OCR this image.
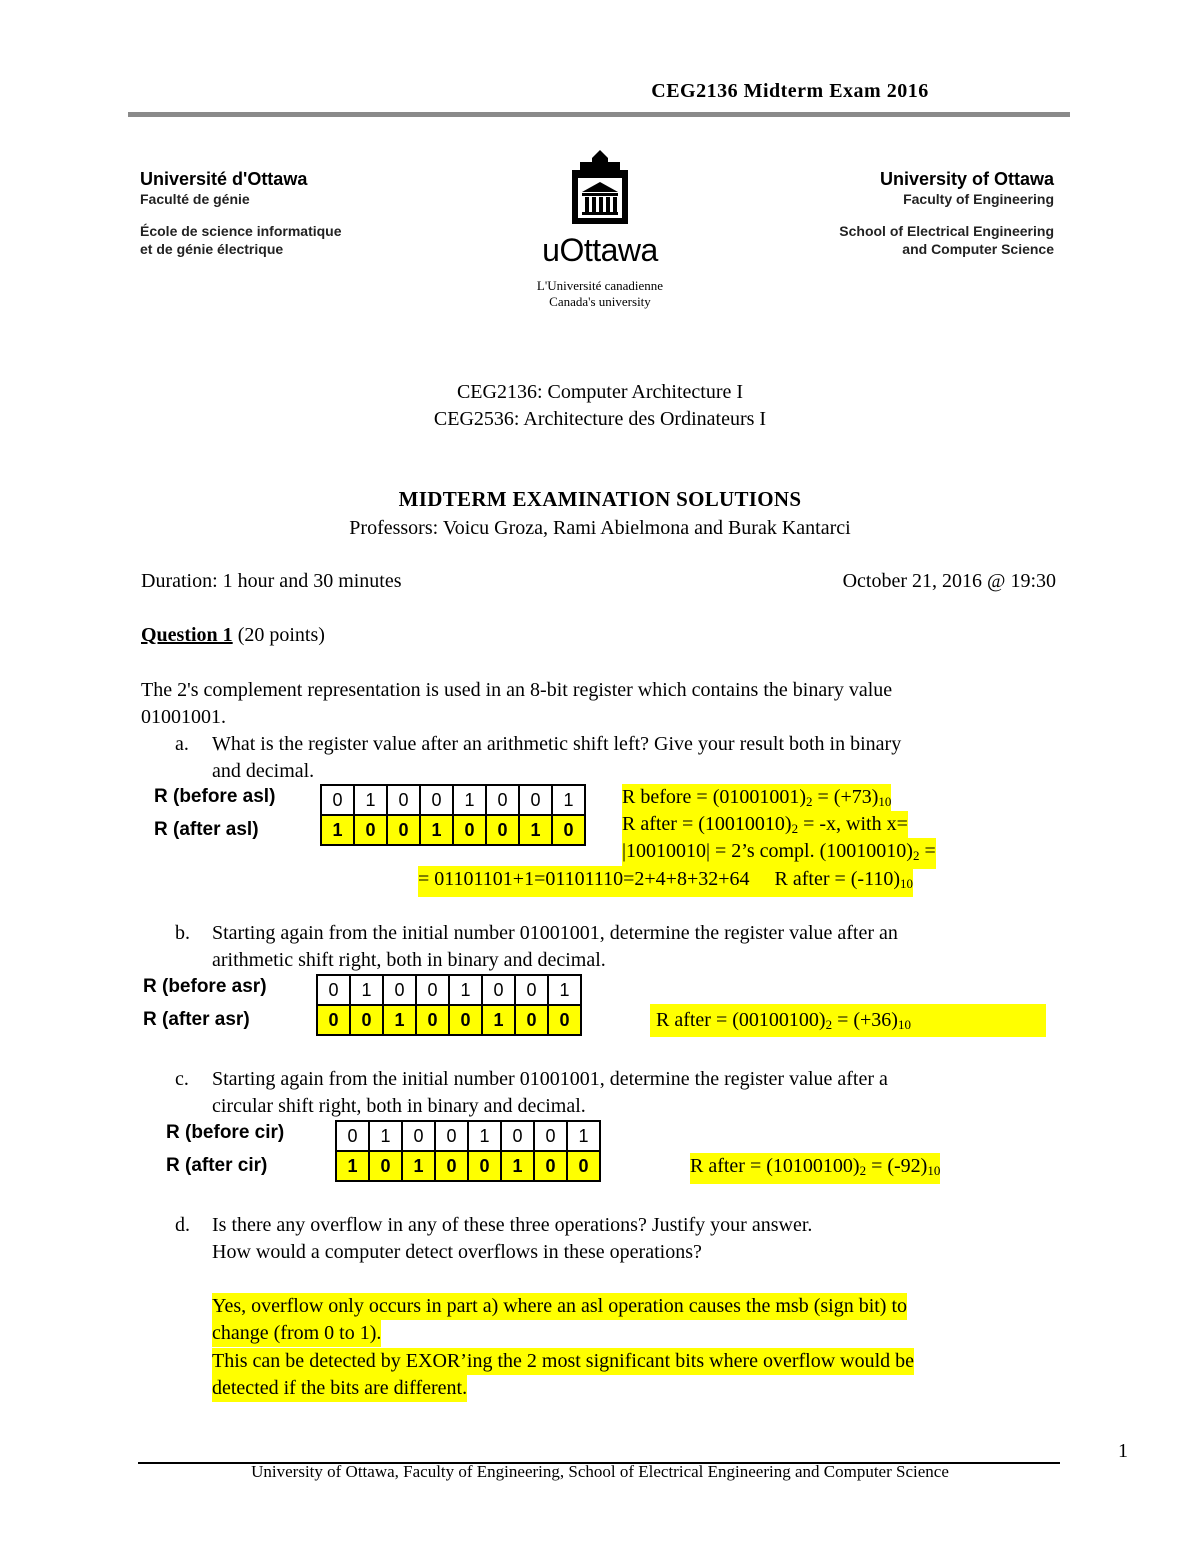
CEG2136 Midterm Exam 2016
Université d'Ottawa
Faculté de génie
École de science informatique
et de génie électrique	uOttawa
L'Université canadienne
Canada's university
University of Ottawa
Faculty of Engineering
School of Electrical Engineering
and Computer Science
CEG2136: Computer Architecture I
CEG2536: Architecture des Ordinateurs I
MIDTERM EXAMINATION SOLUTIONS
Professors: Voicu Groza, Rami Abielmona and Burak Kantarci
Duration: 1 hour and 30 minutes	October 21, 2016 @ 19:30
Question 1 (20 points)
The 2's complement representation is used in an 8-bit register which contains the binary value
01001001.
a. What is the register value after an arithmetic shift left? Give your result both in binary
and decimal.
R (before asl)
R (after asl)
0	1	0	0	1	0	0	1
1	0	0	1	0	0	1	0
R before = $(01001001)_2 = (+73)_{10}$
R after = $(10010010)_2 = -x$, with x=
|10010010| = 2’s compl. $(10010010)_2$ =
= 01101101+1=01101110=2+4+8+32+64     R after = $(-110)_{10}$
b. Starting again from the initial number 01001001, determine the register value after an
arithmetic shift right, both in binary and decimal.
R (before asr)
R (after asr)
0	1	0	0	1	0	0	1
0	0	1	0	0	1	0	0	R after = $(00100100)_2 = (+36)_{10}$
c. Starting again from the initial number 01001001, determine the register value after a
circular shift right, both in binary and decimal.
R (before cir)
R (after cir)
0	1	0	0	1	0	0	1
1	0	1	0	0	1	0	0	R after = $(10100100)_2 = (-92)_{10}$
d. Is there any overflow in any of these three operations? Justify your answer.
How would a computer detect overflows in these operations?
Yes, overflow only occurs in part a) where an asl operation causes the msb (sign bit) to
change (from 0 to 1).
This can be detected by EXOR’ing the 2 most significant bits where overflow would be
detected if the bits are different.
1
University of Ottawa, Faculty of Engineering, School of Electrical Engineering and Computer Science
